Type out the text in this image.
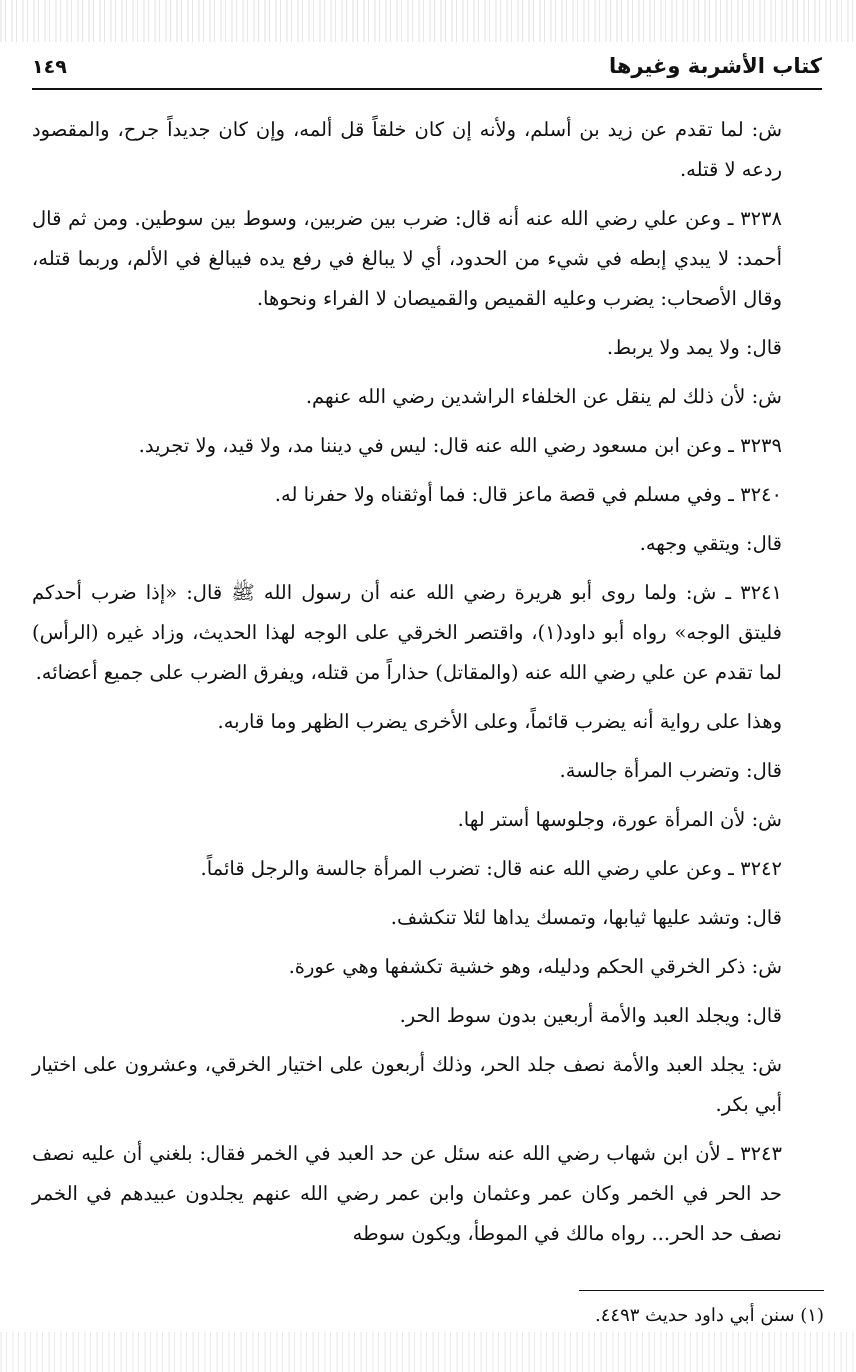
كتاب الأشربة وغيرها
١٤٩

ش: لما تقدم عن زيد بن أسلم، ولأنه إن كان خلقاً قل ألمه، وإن كان جديداً جرح، والمقصود ردعه لا قتله.

٣٢٣٨ ـ وعن علي رضي الله عنه أنه قال: ضرب بين ضربين، وسوط بين سوطين. ومن ثم قال أحمد: لا يبدي إبطه في شيء من الحدود، أي لا يبالغ في رفع يده فيبالغ في الألم، وربما قتله، وقال الأصحاب: يضرب وعليه القميص والقميصان لا الفراء ونحوها.

قال: ولا يمد ولا يربط.

ش: لأن ذلك لم ينقل عن الخلفاء الراشدين رضي الله عنهم.

٣٢٣٩ ـ وعن ابن مسعود رضي الله عنه قال: ليس في ديننا مد، ولا قيد، ولا تجريد.

٣٢٤٠ ـ وفي مسلم في قصة ماعز قال: فما أوثقناه ولا حفرنا له.

قال: ويتقي وجهه.

٣٢٤١ ـ ش: ولما روى أبو هريرة رضي الله عنه أن رسول الله ﷺ قال: «إذا ضرب أحدكم فليتق الوجه» رواه أبو داود(١)، واقتصر الخرقي على الوجه لهذا الحديث، وزاد غيره (الرأس) لما تقدم عن علي رضي الله عنه (والمقاتل) حذاراً من قتله، ويفرق الضرب على جميع أعضائه.

وهذا على رواية أنه يضرب قائماً، وعلى الأخرى يضرب الظهر وما قاربه.

قال: وتضرب المرأة جالسة.

ش: لأن المرأة عورة، وجلوسها أستر لها.

٣٢٤٢ ـ وعن علي رضي الله عنه قال: تضرب المرأة جالسة والرجل قائماً.

قال: وتشد عليها ثيابها، وتمسك يداها لئلا تنكشف.

ش: ذكر الخرقي الحكم ودليله، وهو خشية تكشفها وهي عورة.

قال: ويجلد العبد والأمة أربعين بدون سوط الحر.

ش: يجلد العبد والأمة نصف جلد الحر، وذلك أربعون على اختيار الخرقي، وعشرون على اختيار أبي بكر.

٣٢٤٣ ـ لأن ابن شهاب رضي الله عنه سئل عن حد العبد في الخمر فقال: بلغني أن عليه نصف حد الحر في الخمر وكان عمر وعثمان وابن عمر رضي الله عنهم يجلدون عبيدهم في الخمر نصف حد الحر... رواه مالك في الموطأ، ويكون سوطه

(١) سنن أبي داود حديث ٤٤٩٣.
